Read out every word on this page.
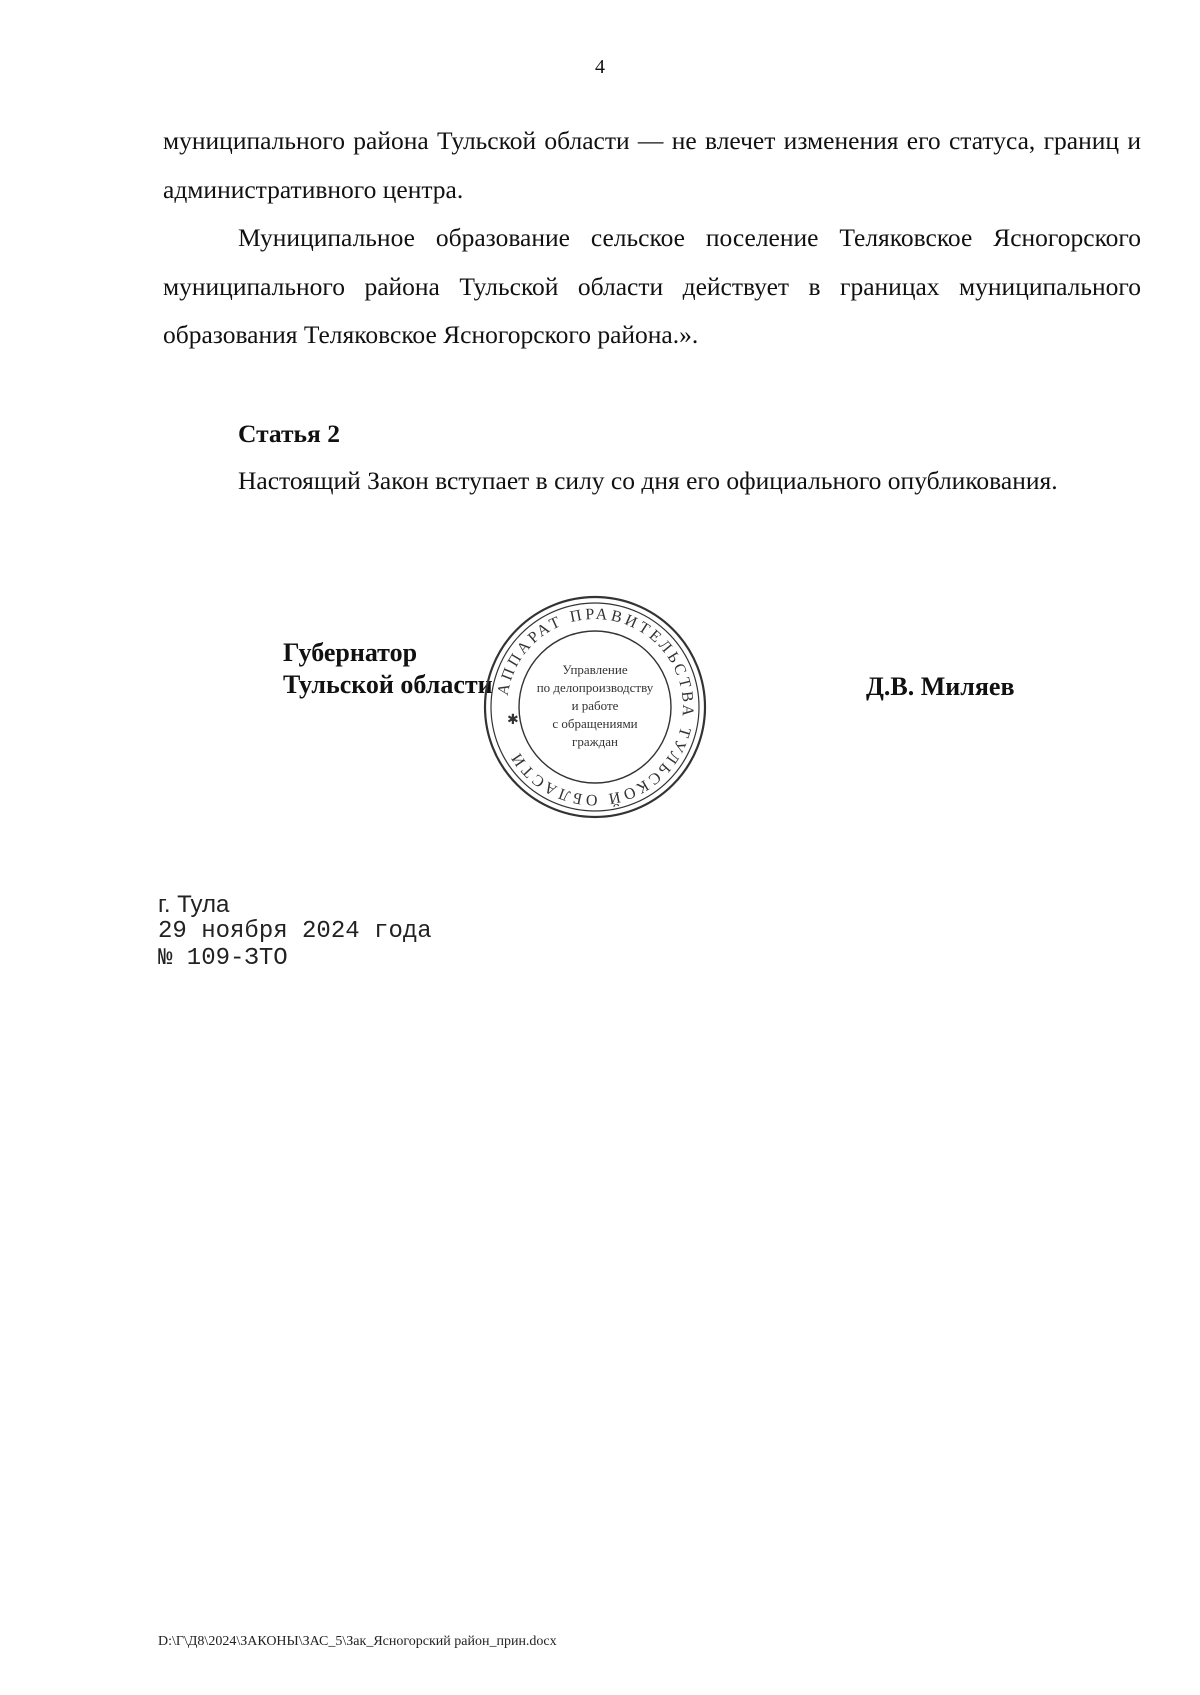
4

муниципального района Тульской области — не влечет изменения его статуса, границ и административного центра.

Муниципальное образование сельское поселение Теляковское Ясногорского муниципального района Тульской области действует в границах муниципального образования Теляковское Ясногорского района.».

Статья 2

Настоящий Закон вступает в силу со дня его официального опубликования.

Губернатор
Тульской области АППАРАТ ПРАВИТЕЛЬСТВА ТУЛЬСКОЙ ОБЛАСТИ
Управление
по делопроизводству
и работе
с обращениями
граждан
✱
Д.В. Миляев
г. Тула
29 ноября 2024 года
№ 109-ЗТО
D:\Г\Д8\2024\ЗАКОНЫ\ЗАС_5\Зак_Ясногорский район_прин.docx
